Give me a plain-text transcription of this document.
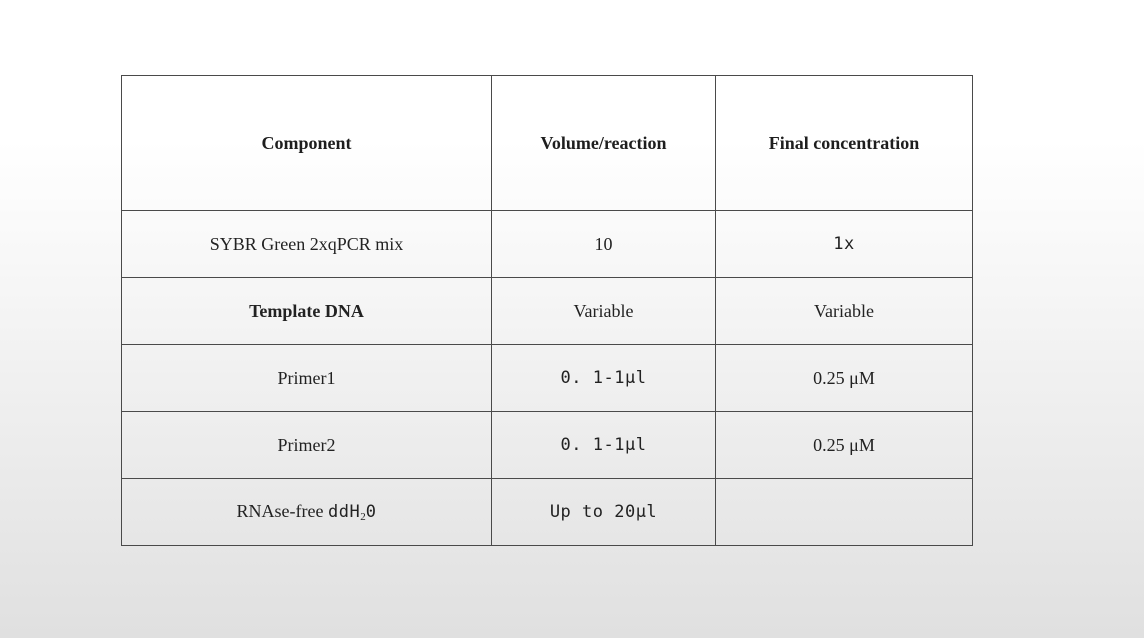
Component	Volume/reaction	Final concentration
SYBR Green 2xqPCR mix	10	1x
Template DNA	Variable	Variable
Primer1	0. 1-1μl	0.25 μM
Primer2	0. 1-1μl	0.25 μM
RNAse-free ddH$_2$0	Up to 20μl	
